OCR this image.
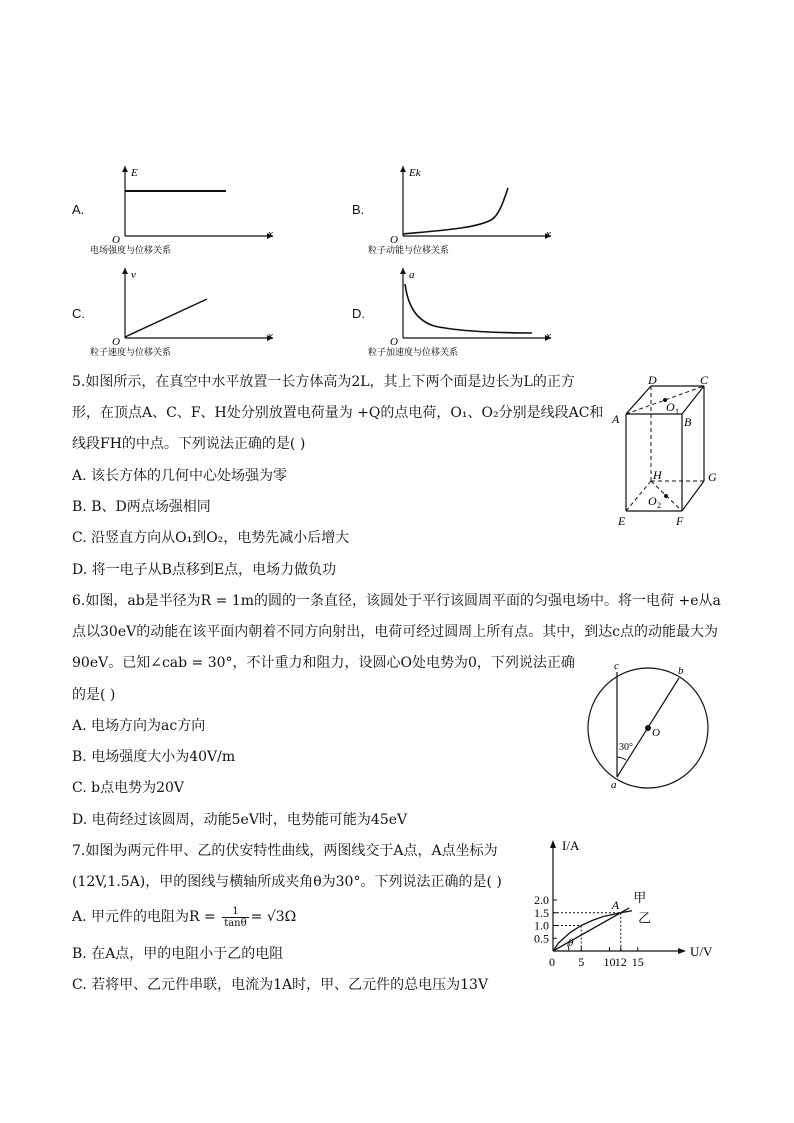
A.
E
x
O
电场强度与位移关系
B.
Ek
x
O
粒子动能与位移关系
C.
v
x
O
粒子速度与位移关系
D.
a
x
O
粒子加速度与位移关系
5.如图所示，在真空中水平放置一长方体高为2L，其上下两个面是边长为L的正方
形，在顶点A、C、F、H处分别放置电荷量为 +Q的点电荷，O₁、O₂分别是线段AC和
线段FH的中点。下列说法正确的是( )
A. 该长方体的几何中心处场强为零
B. B、D两点场强相同
C. 沿竖直方向从O₁到O₂，电势先减小后增大
D. 将一电子从B点移到E点，电场力做负功
A	B
C
D
E	F
G
H
O 1
O 2
6.如图，ab是半径为R = 1m的圆的一条直径，该圆处于平行该圆周平面的匀强电场中。将一电荷 +e从a
点以30eV的动能在该平面内朝着不同方向射出，电荷可经过圆周上所有点。其中，到达c点的动能最大为
90eV。已知∠cab = 30°，不计重力和阻力，设圆心O处电势为0，下列说法正确
的是( )
A. 电场方向为ac方向
B. 电场强度大小为40V/m
C. b点电势为20V
D. 电荷经过该圆周，动能5eV时，电势能可能为45eV
a
b
c
O
30°
7.如图为两元件甲、乙的伏安特性曲线，两图线交于A点，A点坐标为
(12V,1.5A)，甲的图线与横轴所成夹角θ为30°。下列说法正确的是( )
A. 甲元件的电阻为$R = \frac{1}{\tan\theta} = √3\Omega$
B. 在A点，甲的电阻小于乙的电阻
C. 若将甲、乙元件串联，电流为1A时，甲、乙元件的总电压为13V
5 10 12 15
0.5
1.0
1.5
2.0	甲
乙
A
I/A
U/V
0
θ
